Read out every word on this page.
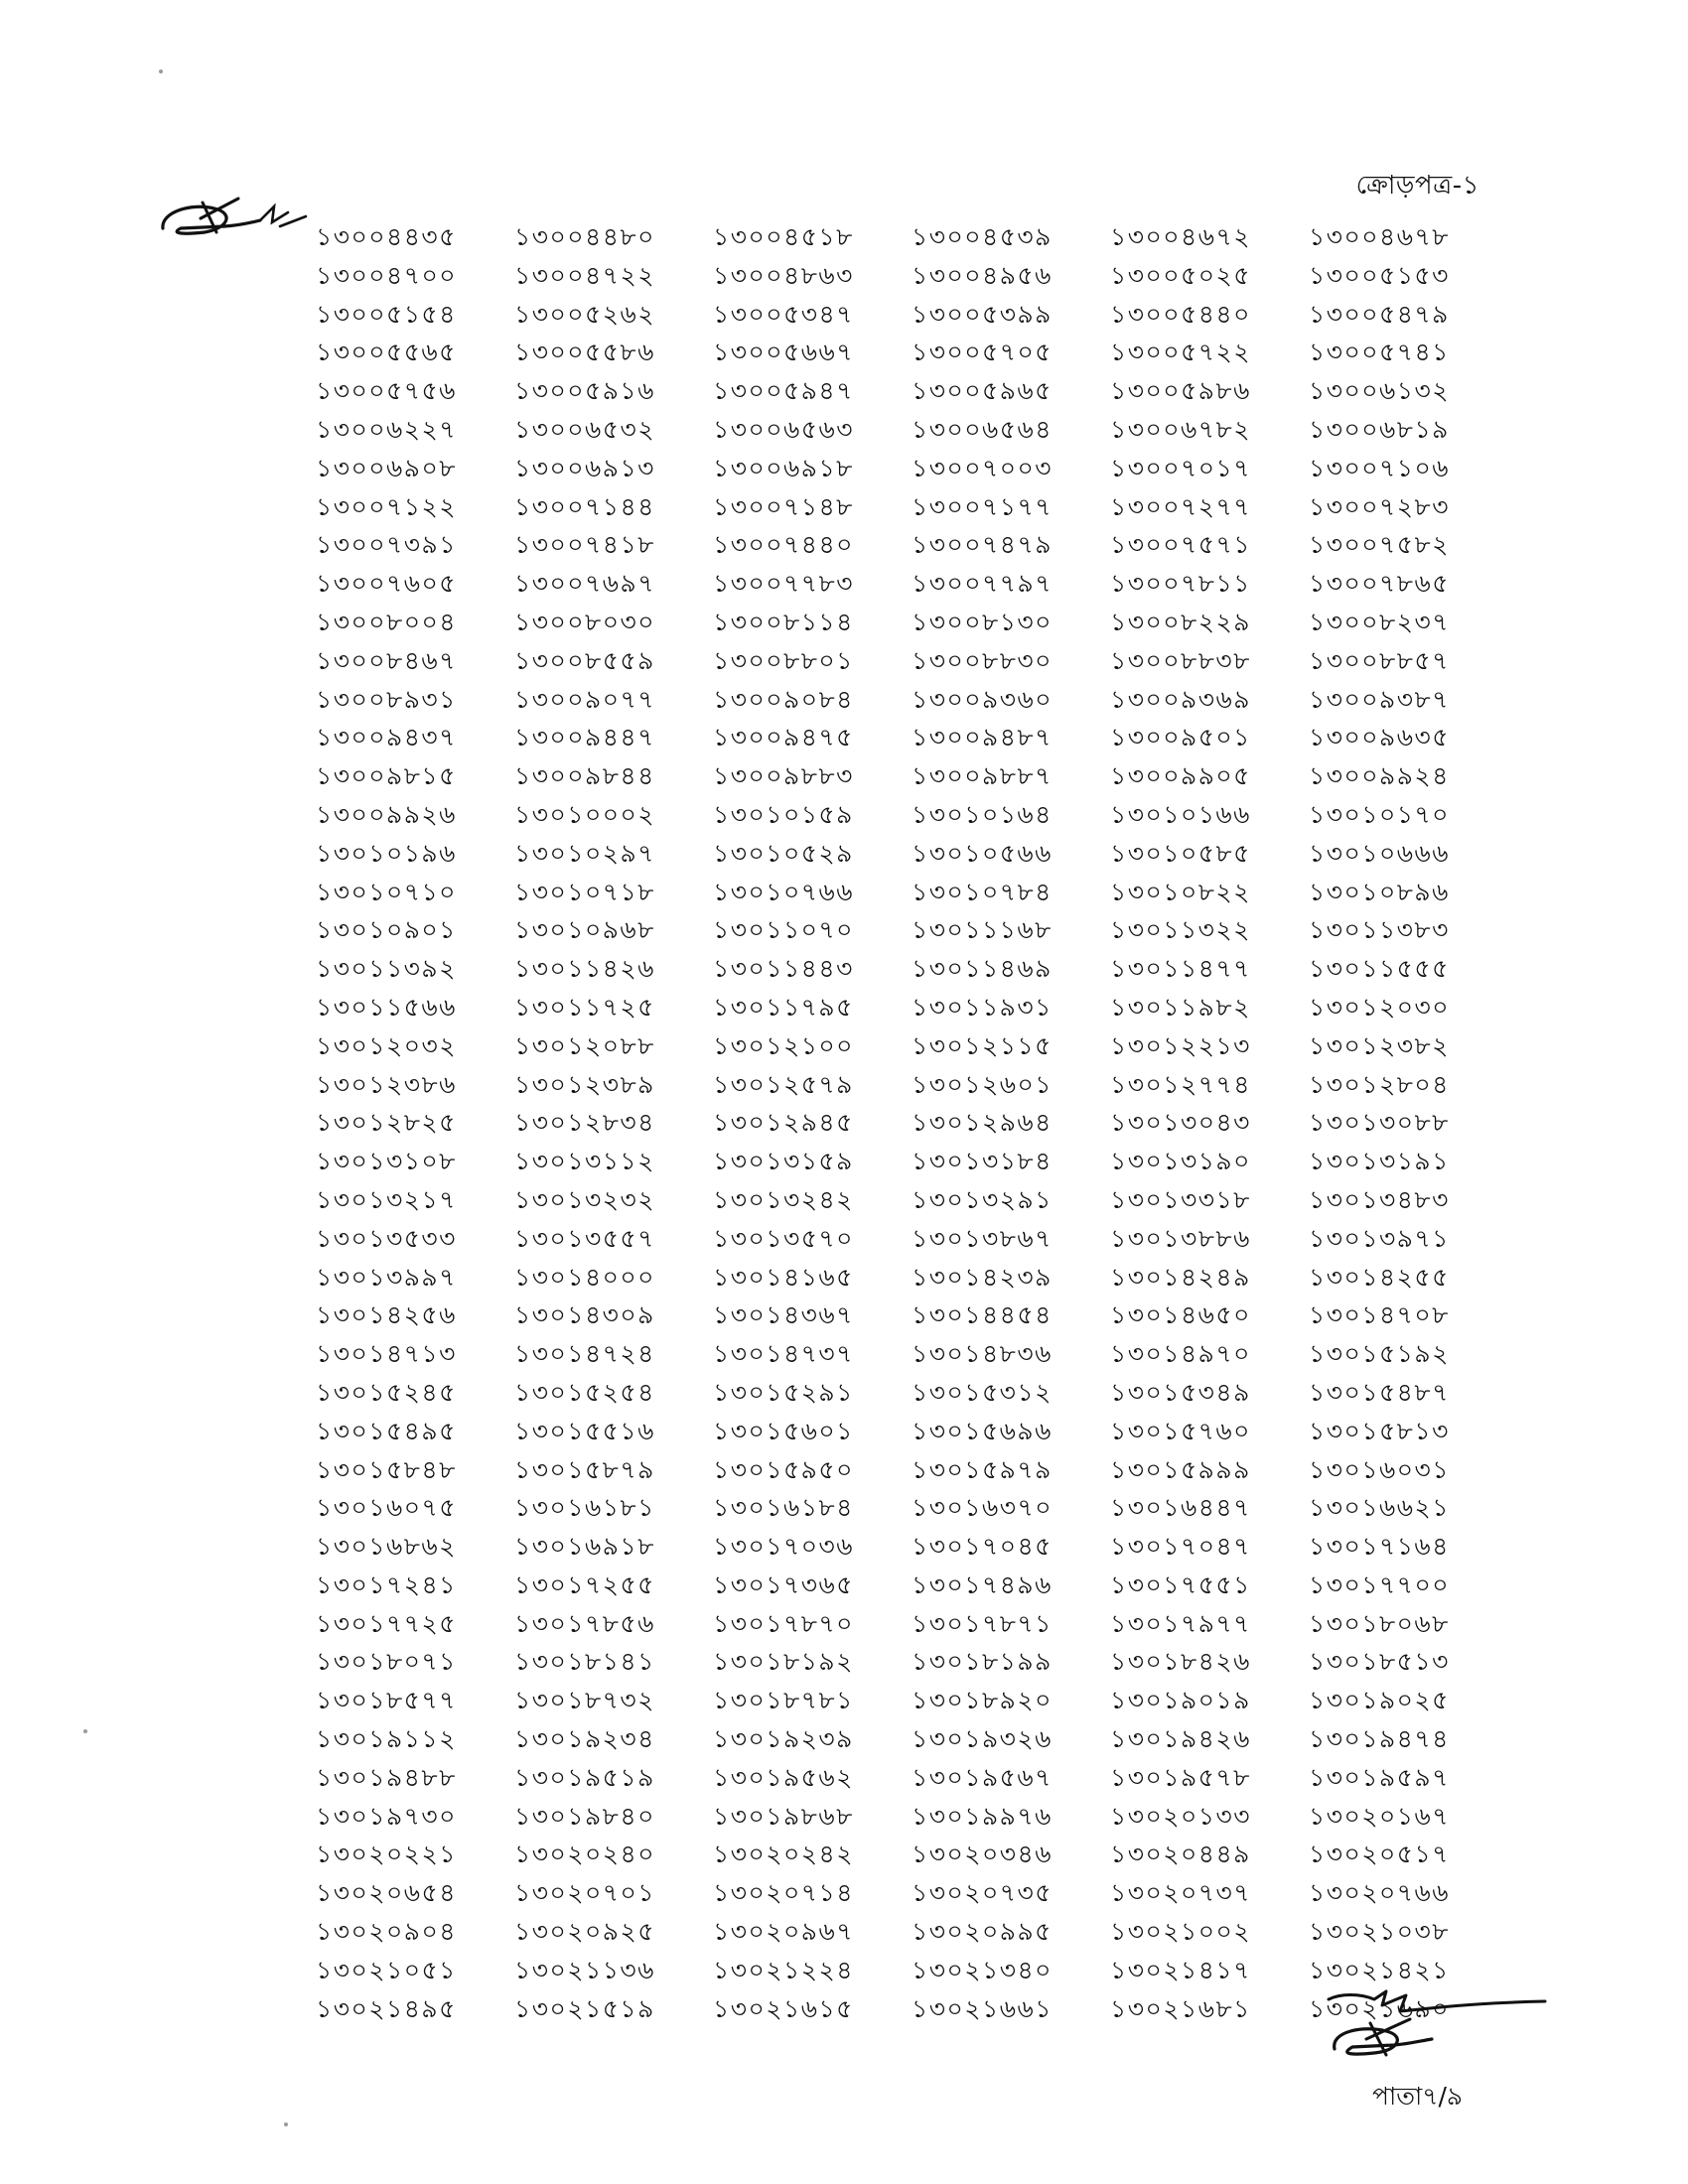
ক্রোড়পত্র-১
১৩০০৪৪৩৫	১৩০০৪৪৮০	১৩০০৪৫১৮	১৩০০৪৫৩৯	১৩০০৪৬৭২	১৩০০৪৬৭৮
১৩০০৪৭০০	১৩০০৪৭২২	১৩০০৪৮৬৩	১৩০০৪৯৫৬	১৩০০৫০২৫	১৩০০৫১৫৩
১৩০০৫১৫৪	১৩০০৫২৬২	১৩০০৫৩৪৭	১৩০০৫৩৯৯	১৩০০৫৪৪০	১৩০০৫৪৭৯
১৩০০৫৫৬৫	১৩০০৫৫৮৬	১৩০০৫৬৬৭	১৩০০৫৭০৫	১৩০০৫৭২২	১৩০০৫৭৪১
১৩০০৫৭৫৬	১৩০০৫৯১৬	১৩০০৫৯৪৭	১৩০০৫৯৬৫	১৩০০৫৯৮৬	১৩০০৬১৩২
১৩০০৬২২৭	১৩০০৬৫৩২	১৩০০৬৫৬৩	১৩০০৬৫৬৪	১৩০০৬৭৮২	১৩০০৬৮১৯
১৩০০৬৯০৮	১৩০০৬৯১৩	১৩০০৬৯১৮	১৩০০৭০০৩	১৩০০৭০১৭	১৩০০৭১০৬
১৩০০৭১২২	১৩০০৭১৪৪	১৩০০৭১৪৮	১৩০০৭১৭৭	১৩০০৭২৭৭	১৩০০৭২৮৩
১৩০০৭৩৯১	১৩০০৭৪১৮	১৩০০৭৪৪০	১৩০০৭৪৭৯	১৩০০৭৫৭১	১৩০০৭৫৮২
১৩০০৭৬০৫	১৩০০৭৬৯৭	১৩০০৭৭৮৩	১৩০০৭৭৯৭	১৩০০৭৮১১	১৩০০৭৮৬৫
১৩০০৮০০৪	১৩০০৮০৩০	১৩০০৮১১৪	১৩০০৮১৩০	১৩০০৮২২৯	১৩০০৮২৩৭
১৩০০৮৪৬৭	১৩০০৮৫৫৯	১৩০০৮৮০১	১৩০০৮৮৩০	১৩০০৮৮৩৮	১৩০০৮৮৫৭
১৩০০৮৯৩১	১৩০০৯০৭৭	১৩০০৯০৮৪	১৩০০৯৩৬০	১৩০০৯৩৬৯	১৩০০৯৩৮৭
১৩০০৯৪৩৭	১৩০০৯৪৪৭	১৩০০৯৪৭৫	১৩০০৯৪৮৭	১৩০০৯৫০১	১৩০০৯৬৩৫
১৩০০৯৮১৫	১৩০০৯৮৪৪	১৩০০৯৮৮৩	১৩০০৯৮৮৭	১৩০০৯৯০৫	১৩০০৯৯২৪
১৩০০৯৯২৬	১৩০১০০০২	১৩০১০১৫৯	১৩০১০১৬৪	১৩০১০১৬৬	১৩০১০১৭০
১৩০১০১৯৬	১৩০১০২৯৭	১৩০১০৫২৯	১৩০১০৫৬৬	১৩০১০৫৮৫	১৩০১০৬৬৬
১৩০১০৭১০	১৩০১০৭১৮	১৩০১০৭৬৬	১৩০১০৭৮৪	১৩০১০৮২২	১৩০১০৮৯৬
১৩০১০৯০১	১৩০১০৯৬৮	১৩০১১০৭০	১৩০১১১৬৮	১৩০১১৩২২	১৩০১১৩৮৩
১৩০১১৩৯২	১৩০১১৪২৬	১৩০১১৪৪৩	১৩০১১৪৬৯	১৩০১১৪৭৭	১৩০১১৫৫৫
১৩০১১৫৬৬	১৩০১১৭২৫	১৩০১১৭৯৫	১৩০১১৯৩১	১৩০১১৯৮২	১৩০১২০৩০
১৩০১২০৩২	১৩০১২০৮৮	১৩০১২১০০	১৩০১২১১৫	১৩০১২২১৩	১৩০১২৩৮২
১৩০১২৩৮৬	১৩০১২৩৮৯	১৩০১২৫৭৯	১৩০১২৬০১	১৩০১২৭৭৪	১৩০১২৮০৪
১৩০১২৮২৫	১৩০১২৮৩৪	১৩০১২৯৪৫	১৩০১২৯৬৪	১৩০১৩০৪৩	১৩০১৩০৮৮
১৩০১৩১০৮	১৩০১৩১১২	১৩০১৩১৫৯	১৩০১৩১৮৪	১৩০১৩১৯০	১৩০১৩১৯১
১৩০১৩২১৭	১৩০১৩২৩২	১৩০১৩২৪২	১৩০১৩২৯১	১৩০১৩৩১৮	১৩০১৩৪৮৩
১৩০১৩৫৩৩	১৩০১৩৫৫৭	১৩০১৩৫৭০	১৩০১৩৮৬৭	১৩০১৩৮৮৬	১৩০১৩৯৭১
১৩০১৩৯৯৭	১৩০১৪০০০	১৩০১৪১৬৫	১৩০১৪২৩৯	১৩০১৪২৪৯	১৩০১৪২৫৫
১৩০১৪২৫৬	১৩০১৪৩০৯	১৩০১৪৩৬৭	১৩০১৪৪৫৪	১৩০১৪৬৫০	১৩০১৪৭০৮
১৩০১৪৭১৩	১৩০১৪৭২৪	১৩০১৪৭৩৭	১৩০১৪৮৩৬	১৩০১৪৯৭০	১৩০১৫১৯২
১৩০১৫২৪৫	১৩০১৫২৫৪	১৩০১৫২৯১	১৩০১৫৩১২	১৩০১৫৩৪৯	১৩০১৫৪৮৭
১৩০১৫৪৯৫	১৩০১৫৫১৬	১৩০১৫৬০১	১৩০১৫৬৯৬	১৩০১৫৭৬০	১৩০১৫৮১৩
১৩০১৫৮৪৮	১৩০১৫৮৭৯	১৩০১৫৯৫০	১৩০১৫৯৭৯	১৩০১৫৯৯৯	১৩০১৬০৩১
১৩০১৬০৭৫	১৩০১৬১৮১	১৩০১৬১৮৪	১৩০১৬৩৭০	১৩০১৬৪৪৭	১৩০১৬৬২১
১৩০১৬৮৬২	১৩০১৬৯১৮	১৩০১৭০৩৬	১৩০১৭০৪৫	১৩০১৭০৪৭	১৩০১৭১৬৪
১৩০১৭২৪১	১৩০১৭২৫৫	১৩০১৭৩৬৫	১৩০১৭৪৯৬	১৩০১৭৫৫১	১৩০১৭৭০০
১৩০১৭৭২৫	১৩০১৭৮৫৬	১৩০১৭৮৭০	১৩০১৭৮৭১	১৩০১৭৯৭৭	১৩০১৮০৬৮
১৩০১৮০৭১	১৩০১৮১৪১	১৩০১৮১৯২	১৩০১৮১৯৯	১৩০১৮৪২৬	১৩০১৮৫১৩
১৩০১৮৫৭৭	১৩০১৮৭৩২	১৩০১৮৭৮১	১৩০১৮৯২০	১৩০১৯০১৯	১৩০১৯০২৫
১৩০১৯১১২	১৩০১৯২৩৪	১৩০১৯২৩৯	১৩০১৯৩২৬	১৩০১৯৪২৬	১৩০১৯৪৭৪
১৩০১৯৪৮৮	১৩০১৯৫১৯	১৩০১৯৫৬২	১৩০১৯৫৬৭	১৩০১৯৫৭৮	১৩০১৯৫৯৭
১৩০১৯৭৩০	১৩০১৯৮৪০	১৩০১৯৮৬৮	১৩০১৯৯৭৬	১৩০২০১৩৩	১৩০২০১৬৭
১৩০২০২২১	১৩০২০২৪০	১৩০২০২৪২	১৩০২০৩৪৬	১৩০২০৪৪৯	১৩০২০৫১৭
১৩০২০৬৫৪	১৩০২০৭০১	১৩০২০৭১৪	১৩০২০৭৩৫	১৩০২০৭৩৭	১৩০২০৭৬৬
১৩০২০৯০৪	১৩০২০৯২৫	১৩০২০৯৬৭	১৩০২০৯৯৫	১৩০২১০০২	১৩০২১০৩৮
১৩০২১০৫১	১৩০২১১৩৬	১৩০২১২২৪	১৩০২১৩৪০	১৩০২১৪১৭	১৩০২১৪২১
১৩০২১৪৯৫	১৩০২১৫১৯	১৩০২১৬১৫	১৩০২১৬৬১	১৩০২১৬৮১	১৩০২১৬৯০
পাতা৭/৯
